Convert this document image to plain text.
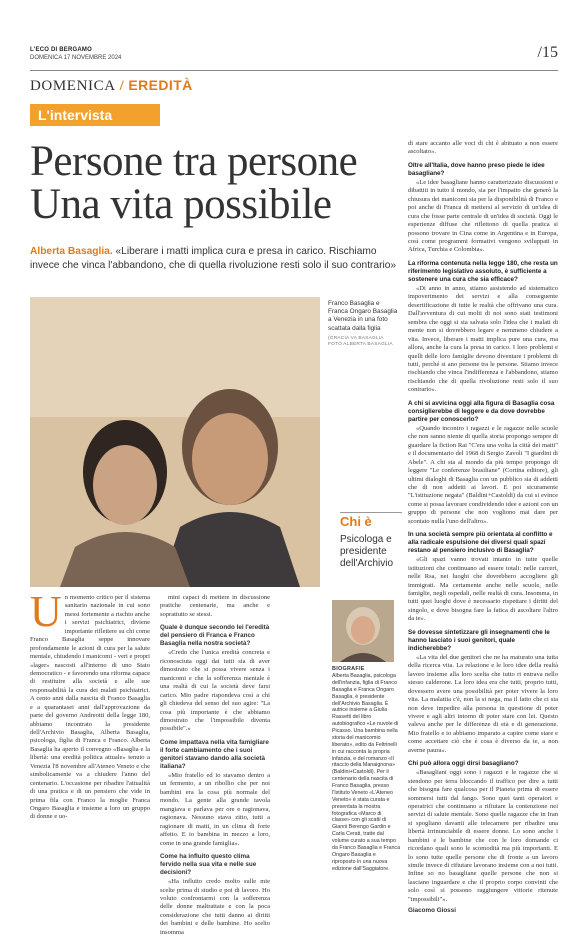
L'ECO DI BERGAMO
DOMENICA 17 NOVEMBRE 2024	/15
DOMENICA / EREDITÀ
L'intervista
Persone tra persone
Una vita possibile
Alberta Basaglia. «Liberare i matti implica cura e presa in carico. Rischiamo invece che vinca l'abbandono, che di quella rivoluzione resti solo il suo contrario»
Franco Basaglia e Franca Ongaro Basaglia a Venezia in una foto scattata dalla figlia
(GRACIA VA BASAGLIA FOTO ALBERTA BASAGLIA
Chi è
Psicologa e presidente dell'Archivio
BIOGRAFIE
Alberta Basaglia, psicologa dell'infanzia, figlia di Franco Basaglia e Franca Ongaro Basaglia, è presidente dell'Archivio Basaglia. È autrice insieme a Giulia Rassetti del libro autobiografico «Le nuvole di Picasso. Una bambina nella storia del manicomio liberato», edito da Feltrinelli in cui racconta la propria infanzia, e del romanzo «Il ritaccio della Manaignona» (Baldini+Castoldi). Per il centenario della nascita di Franco Basaglia, presso l'Istituto Veneto «L'Ateneo Veneto» è stata curata e presentata la mostra fotografica «Marco di classe» con gli scatti di Gianni Berengo Gardin e Carla Cerati, tratte dal volume curato a sua tempo da Franco Basaglia e Franca Ongaro Basaglia e riproposto in una nuova edizione dall'Saggiatore.
U n momento critico per il sistema sanitario nazionale in cui sono messi fortemente a rischio anche i servizi psichiatrici, diviene importante riflettere su chi come Franco Basaglia seppe innovare profondamente le azioni di cura per la salute mentale, chiudendo i manicomi - veri e propri «lager» nascosti all'interno di uno Stato democratico - e favorendo una riforma capace di restituire alla società e alle sue responsabilità la cura dei malati psichiatrici. A cento anni dalla nascita di Franco Basaglia e a quarantasei anni dall'approvazione da parte del governo Andreotti della legge 180, abbiamo incontrato la presidente dell'Archivio Basaglia, Alberta Basaglia, psicologa, figlia di Franca e Franco. Alberta Basaglia ha aperto il convegno «Basaglia e la libertà: una eredità politica attuale» tenuto a Venezia l'8 novembre all'Ateneo Veneto e che simbolicamente va a chiudere l'anno del centenario. L'occasione per ribadire l'attualità di una pratica e di un pensiero che vide in prima fila con Franco la moglie Franca Ongaro Basaglia e insieme a loro un gruppo di donne e uo-

mini capaci di mettere in discussione pratiche centenarie, ma anche e soprattutto se stessi.

Quale è dunque secondo lei l'eredità del pensiero di Franca e Franco Basaglia nella nostra società?

«Credo che l'unica eredità concreta e riconosciuta oggi dai tutti sia di aver dimostrato che si possa vivere senza i manicomi e che la sofferenza mentale è una realtà di cui la società deve farsi carico. Mio padre rispondeva così a chi gli chiedeva del senso del suo agire: "La cosa più importante è che abbiamo dimostrato che l'impossibile diventa possibile".»

Come impattava nella vita famigliare il forte cambiamento che i suoi genitori stavano dando alla società italiana?

«Mio fratello ed io stavamo dentro a un fermento, a un ribollio che per noi bambini era la cosa più normale del mondo. La gente alla grande tavola mangiava e parlava per ore e ragionava, ragionava. Nessuno stava zitto, tutti a ragionare di matti, in un clima di forte affetto. E io bambina in mezzo a loro, come in una grande famiglia».

Come ha influito questo clima fervido nella sua vita e nelle sue decisioni?

«Ha influito credo molto sulle mie scelte prima di studio e poi di lavoro. Ho voluto confrontarmi con la sofferenza delle donne maltrattate e con la poca considerazione che tutti danno ai diritti dei bambini e delle bambine. Ho scelto insomma

di stare accanto alle voci di chi è abituato a non essere ascoltato».

Oltre all'Italia, dove hanno preso piede le idee basagliane?

«Le idee basagliane hanno caratterizzato discussioni e dibattiti in tutto il mondo, sia per l'impatto che generò la chiusura dei manicomi sia per la disponibilità di Franco e poi anche di Franca di mettersi al servizio di un'idea di cura che fosse parte centrale di un'idea di società. Oggi le esperienze diffuse che riflettono di quella pratica si possono trovare in Cina come in Argentina e in Europa, così come programmi formativi vengono sviluppati in Africa, Turchia e Colombia».

La riforma contenuta nella legge 180, che resta un riferimento legislativo assoluto, è sufficiente a sostenere una cura che sia efficace?

«Di anno in anno, stiamo assistendo ad sistematico impoverimento dei servizi e alla conseguente desertificazione di tutte le realtà che offrivano una cura. Dall'avventura di cui molti di noi sono stati testimoni sembra che oggi si sia salvata solo l'idea che i malati di mente non si dovrebbero legare e nemmeno chiudere a vita. Invece, liberare i matti implica pure una cura, ma allora, anche la cura la presa in carico. I loro problemi e quelli delle loro famiglie devono diventare i problemi di tutti, perché si ano persone tra le persone. Stiamo invece rischiando che vinca l'indifferenza e l'abbandono, stiamo rischiando che di quella rivoluzione resti solo il suo contrario».

A chi si avvicina oggi alla figura di Basaglia cosa consiglierebbe di leggere e da dove dovrebbe partire per conoscerlo?

«Quando incontro i ragazzi e le ragazze nelle scuole che non sanno niente di quella storia propongo sempre di guardare la fiction Rai "C'era una volta la città dei matti" e il documentario del 1968 di Sergio Zavoli "I giardini di Abele". A chi sta al mondo da più tempo propongo di leggere "Le conferenze brasiliane" (Cortina editore), gli ultimi dialoghi di Basaglia con un pubblico sia di addetti che di non addetti ai lavori. E poi sicuramente "L'istituzione negata" (Baldini+Castoldi) da cui si evince come si possa lavorare condividendo idee e azioni con un gruppo di persone che non vogliono mai dare per scontato nulla l'uno dell'altro».

In una società sempre più orientata al conflitto e alla radicale espulsione dei diversi quali spazi restano al pensiero inclusivo di Basaglia?

«Gli spazi vanno trovati intanto in tutte quelle istituzioni che continuano ad essere totali: nelle carceri, nelle Rsa, nei luoghi che dovrebbero accogliere gli immigrati. Ma certamente anche nelle scuole, nelle famiglie, negli ospedali, nelle realtà di cura. Insomma, in tutti quei luoghi dove è necessario rispettare i diritti del singolo, e dove bisogna fare la fatica di ascoltare l'altro da te».

Se dovesse sintetizzare gli insegnamenti che le hanno lasciato i suoi genitori, quale indicherebbe?

«La vita del due genitori che ne ha maturato una tutta della ricerca vita. La relazione e le loro idee della realtà lavoro insieme alla loro scelta che tutto ri entrava nello stesso calderone. La loro idea era che tutti, proprio tutti, dovessero avere una possibilità per poter vivere la loro vita. La malattia c'è, non la si nega, ma il fatto che ci sia non deve impedire alla persona in questione di poter vivere e agli altri intorno di poter stare con lei. Questo valeva anche per le differenze di età e di generazione. Mio fratello e io abbiamo imparato a capire come stare e come accettare ciò che è cosa è diverso da te, a non averne paura».

Chi può allora oggi dirsi basagliano?

«Basagliani oggi sono i ragazzi e le ragazze che si stendono per terra bloccando il traffico per dire a tutti che bisogna fare qualcosa per il Pianeta prima di essere sommersi tutti dal fango. Sono quei tanti operatori e operatrici che continuano a rifiutare la contenzione nei servizi di salute mentale. Sono quelle ragazze che in Iran si spogliano davanti alle telecamere per ribadire una libertà irrinunciabile di essere donne. Lo sono anche i bambini e le bambine che con le loro domande ci ricordano quali sono le scomodità ma più importanti. E lo sono tutte quelle persone che di fronte a un lavoro simile invece di rifiutare lavorano insieme con a noi tutti. Infine so no basagliane quelle persone che non si lasciano inguardare e che il proprio corpo convinti che solo così si possono raggiungere vittorie ritenute "impossibili"».

Giacomo Giossi
